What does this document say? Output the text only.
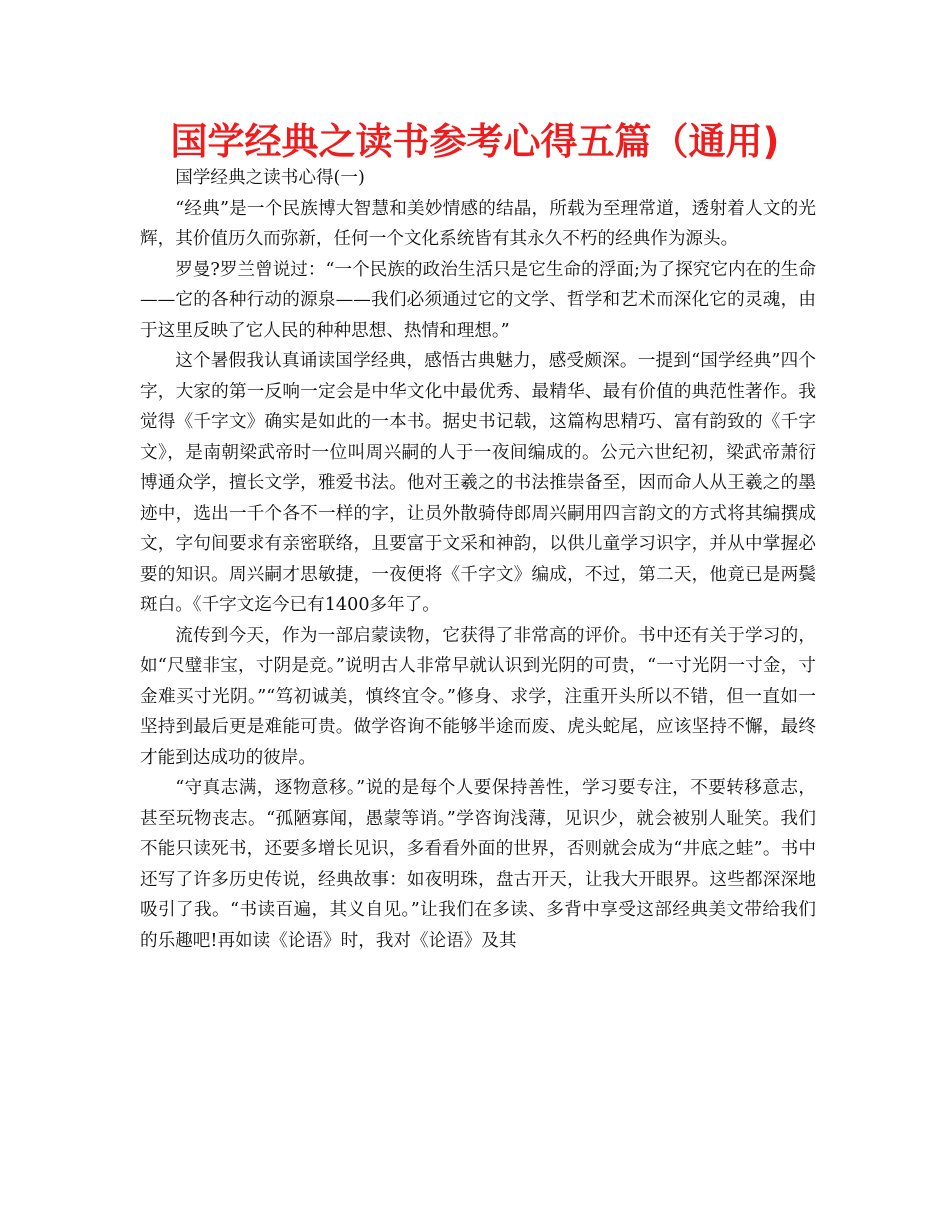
国学经典之读书参考心得五篇（通用)

国学经典之读书心得(一)

“经典”是一个民族博大智慧和美妙情感的结晶，所载为至理常道，透射着人文的光辉，其价值历久而弥新，任何一个文化系统皆有其永久不朽的经典作为源头。

罗曼?罗兰曾说过：“一个民族的政治生活只是它生命的浮面;为了探究它内在的生命——它的各种行动的源泉——我们必须通过它的文学、哲学和艺术而深化它的灵魂，由于这里反映了它人民的种种思想、热情和理想。”

这个暑假我认真诵读国学经典，感悟古典魅力，感受颇深。一提到“国学经典”四个字，大家的第一反响一定会是中华文化中最优秀、最精华、最有价值的典范性著作。我觉得《千字文》确实是如此的一本书。据史书记载，这篇构思精巧、富有韵致的《千字文》，是南朝梁武帝时一位叫周兴嗣的人于一夜间编成的。公元六世纪初，梁武帝萧衍博通众学，擅长文学，雅爱书法。他对王羲之的书法推崇备至，因而命人从王羲之的墨迹中，选出一千个各不一样的字，让员外散骑侍郎周兴嗣用四言韵文的方式将其编撰成文，字句间要求有亲密联络，且要富于文采和神韵，以供儿童学习识字，并从中掌握必要的知识。周兴嗣才思敏捷，一夜便将《千字文》编成，不过，第二天，他竟已是两鬓斑白。《千字文迄今已有1400多年了。

流传到今天，作为一部启蒙读物，它获得了非常高的评价。书中还有关于学习的，如“尺璧非宝，寸阴是竞。”说明古人非常早就认识到光阴的可贵，“一寸光阴一寸金，寸金难买寸光阴。”“笃初诚美，慎终宜令。”修身、求学，注重开头所以不错，但一直如一坚持到最后更是难能可贵。做学咨询不能够半途而废、虎头蛇尾，应该坚持不懈，最终才能到达成功的彼岸。

“守真志满，逐物意移。”说的是每个人要保持善性，学习要专注，不要转移意志，甚至玩物丧志。“孤陋寡闻，愚蒙等诮。”学咨询浅薄，见识少，就会被别人耻笑。我们不能只读死书，还要多增长见识，多看看外面的世界，否则就会成为“井底之蛙”。书中还写了许多历史传说，经典故事：如夜明珠，盘古开天，让我大开眼界。这些都深深地吸引了我。“书读百遍，其义自见。”让我们在多读、多背中享受这部经典美文带给我们的乐趣吧!再如读《论语》时，我对《论语》及其
